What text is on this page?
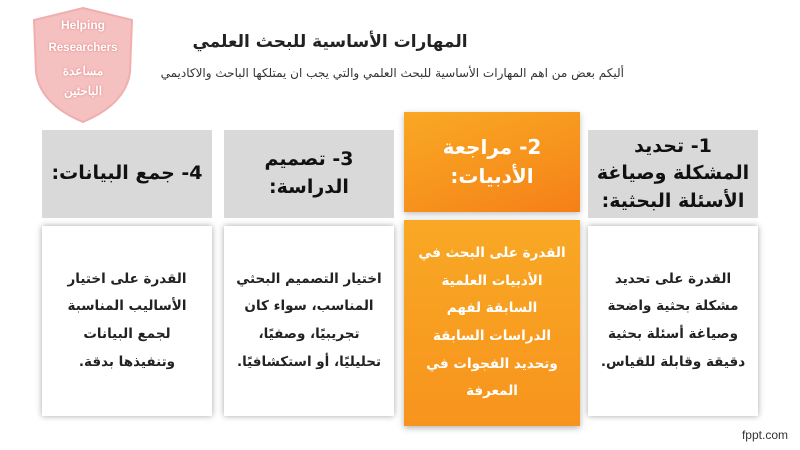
Helping
Researchers
مساعدة
الباحثين
المهارات الأساسية للبحث العلمي
أليكم بعض من اهم المهارات الأساسية للبحث العلمي والتي يجب ان يمتلكها الباحث والاكاديمي
1- تحديد المشكلة وصياغة الأسئلة البحثية:
القدرة على تحديد مشكلة بحثية واضحة وصياغة أسئلة بحثية دقيقة وقابلة للقياس.
2- مراجعة الأدبيات:
القدرة على البحث في الأدبيات العلمية السابقة لفهم الدراسات السابقة وتحديد الفجوات في المعرفة
3- تصميم الدراسة:
اختيار التصميم البحثي المناسب، سواء كان تجريبيًا، وصفيًا، تحليليًا، أو استكشافيًا.
4- جمع البيانات:
القدرة على اختيار الأساليب المناسبة لجمع البيانات وتنفيذها بدقة.
fppt.com
